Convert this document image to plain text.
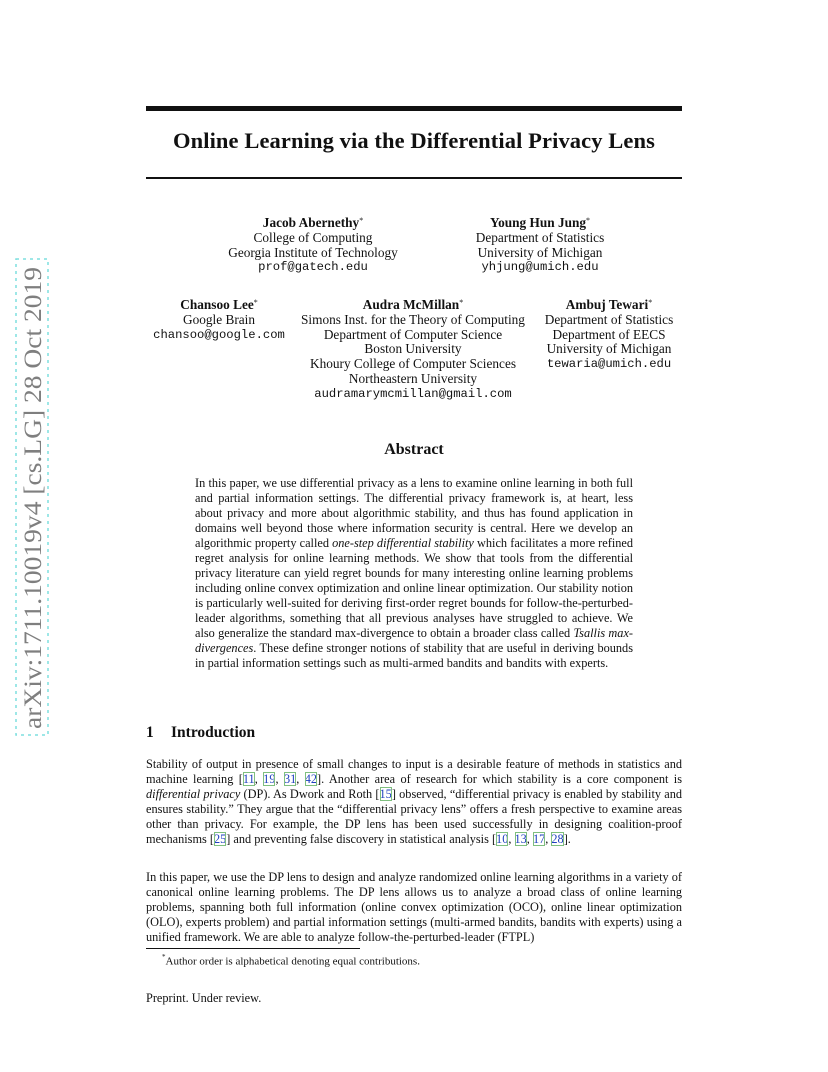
arXiv:1711.10019v4 [cs.LG] 28 Oct 2019
Online Learning via the Differential Privacy Lens
Jacob Abernethy*
College of Computing
Georgia Institute of Technology
prof@gatech.edu
Young Hun Jung*
Department of Statistics
University of Michigan
yhjung@umich.edu
Chansoo Lee*
Google Brain
chansoo@google.com
Audra McMillan*
Simons Inst. for the Theory of Computing
Department of Computer Science
Boston University
Khoury College of Computer Sciences
Northeastern University
audramarymcmillan@gmail.com
Ambuj Tewari*
Department of Statistics
Department of EECS
University of Michigan
tewaria@umich.edu
Abstract
In this paper, we use differential privacy as a lens to examine online learning in both full and partial information settings. The differential privacy framework is, at heart, less about privacy and more about algorithmic stability, and thus has found application in domains well beyond those where information security is central. Here we develop an algorithmic property called one-step differential stability which facilitates a more refined regret analysis for online learning methods. We show that tools from the differential privacy literature can yield regret bounds for many interesting online learning problems including online convex optimization and online linear optimization. Our stability notion is particularly well-suited for deriving first-order regret bounds for follow-the-perturbed-leader algorithms, something that all previous analyses have struggled to achieve. We also generalize the standard max-divergence to obtain a broader class called Tsallis max-divergences. These define stronger notions of stability that are useful in deriving bounds in partial information settings such as multi-armed bandits and bandits with experts.
1 Introduction
Stability of output in presence of small changes to input is a desirable feature of methods in statistics and machine learning [11, 19, 31, 42]. Another area of research for which stability is a core component is differential privacy (DP). As Dwork and Roth [15] observed, “differential privacy is enabled by stability and ensures stability.” They argue that the “differential privacy lens” offers a fresh perspective to examine areas other than privacy. For example, the DP lens has been used successfully in designing coalition-proof mechanisms [25] and preventing false discovery in statistical analysis [10, 13, 17, 28].
In this paper, we use the DP lens to design and analyze randomized online learning algorithms in a variety of canonical online learning problems. The DP lens allows us to analyze a broad class of online learning problems, spanning both full information (online convex optimization (OCO), online linear optimization (OLO), experts problem) and partial information settings (multi-armed bandits, bandits with experts) using a unified framework. We are able to analyze follow-the-perturbed-leader (FTPL)
*Author order is alphabetical denoting equal contributions.
Preprint. Under review.
